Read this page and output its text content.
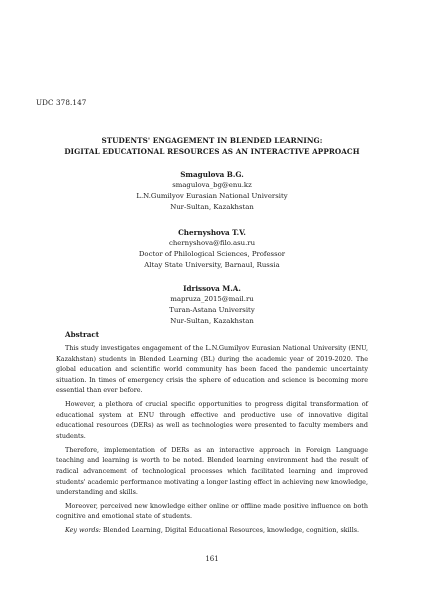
UDC 378.147
STUDENTS' ENGAGEMENT IN BLENDED LEARNING:
DIGITAL EDUCATIONAL RESOURCES AS AN INTERACTIVE APPROACH
Smagulova B.G.
smagulova_bg@enu.kz
L.N.Gumilyov Eurasian National University
Nur-Sultan, Kazakhstan
Chernyshova T.V.
chernyshova@filo.asu.ru
Doctor of Philological Sciences, Professor
Altay State University, Barnaul, Russia
Idrissova M.A.
mapruza_2015@mail.ru
Turan-Astana University
Nur-Sultan, Kazakhstan
Abstract

This study investigates engagement of the L.N.Gumilyov Eurasian National University (ENU, Kazakhstan) students in Blended Learning (BL) during the academic year of 2019-2020. The global education and scientific world community has been faced the pandemic uncertainty situation. In times of emergency crisis the sphere of education and science is becoming more essential than ever before.

However, a plethora of crucial specific opportunities to progress digital transformation of educational system at ENU through effective and productive use of innovative digital educational resources (DERs) as well as technologies were presented to faculty members and students.

Therefore, implementation of DERs as an interactive approach in Foreign Language teaching and learning is worth to be noted. Blended learning environment had the result of radical advancement of technological processes which facilitated learning and improved students' academic performance motivating a longer lasting effect in achieving new knowledge, understanding and skills.

Moreover, perceived new knowledge either online or offline made positive influence on both cognitive and emotional state of students.

Key words: Blended Learning, Digital Educational Resources, knowledge, cognition, skills.

161
